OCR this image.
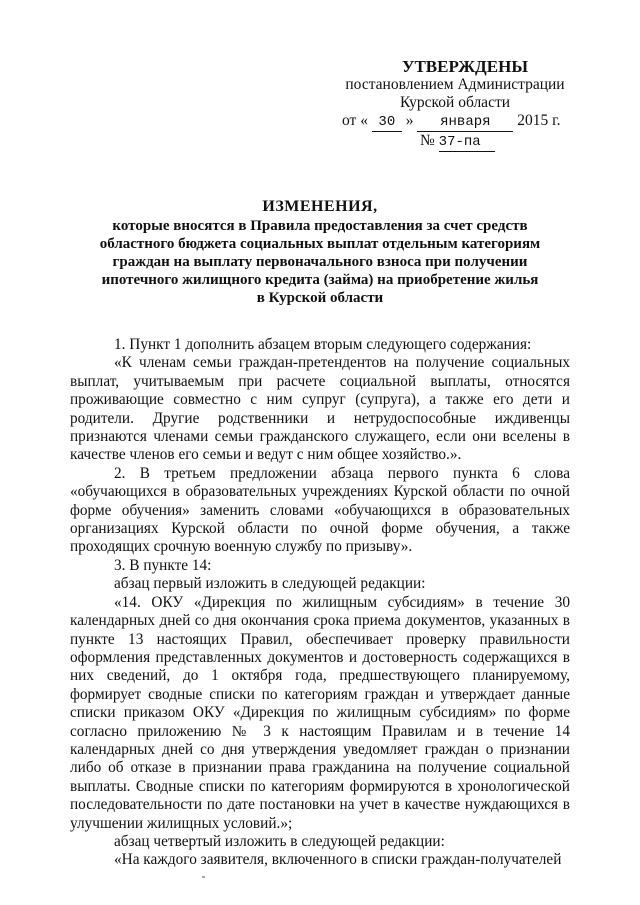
УТВЕРЖДЕНЫ
постановлением Администрации
Курской области
от « 30 » января 2015 г.
№ 37-па
ИЗМЕНЕНИЯ,
которые вносятся в Правила предоставления за счет средств
областного бюджета социальных выплат отдельным категориям
граждан на выплату первоначального взноса при получении
ипотечного жилищного кредита (займа) на приобретение жилья
в Курской области

1. Пункт 1 дополнить абзацем вторым следующего содержания:

«К членам семьи граждан-претендентов на получение социальных выплат, учитываемым при расчете социальной выплаты, относятся проживающие совместно с ним супруг (супруга), а также его дети и родители. Другие родственники и нетрудоспособные иждивенцы признаются членами семьи гражданского служащего, если они вселены в качестве членов его семьи и ведут с ним общее хозяйство.».

2. В третьем предложении абзаца первого пункта 6 слова «обучающихся в образовательных учреждениях Курской области по очной форме обучения» заменить словами «обучающихся в образовательных организациях Курской области по очной форме обучения, а также проходящих срочную военную службу по призыву».

3. В пункте 14:

абзац первый изложить в следующей редакции:

«14. ОКУ «Дирекция по жилищным субсидиям» в течение 30 календарных дней со дня окончания срока приема документов, указанных в пункте 13 настоящих Правил, обеспечивает проверку правильности оформления представленных документов и достоверность содержащихся в них сведений, до 1 октября года, предшествующего планируемому, формирует сводные списки по категориям граждан и утверждает данные списки приказом ОКУ «Дирекция по жилищным субсидиям» по форме согласно приложению № 3 к настоящим Правилам и в течение 14 календарных дней со дня утверждения уведомляет граждан о признании либо об отказе в признании права гражданина на получение социальной выплаты. Сводные списки по категориям формируются в хронологической последовательности по дате постановки на учет в качестве нуждающихся в улучшении жилищных условий.»;

абзац четвертый изложить в следующей редакции:

«На каждого заявителя, включенного в списки граждан-получателей
